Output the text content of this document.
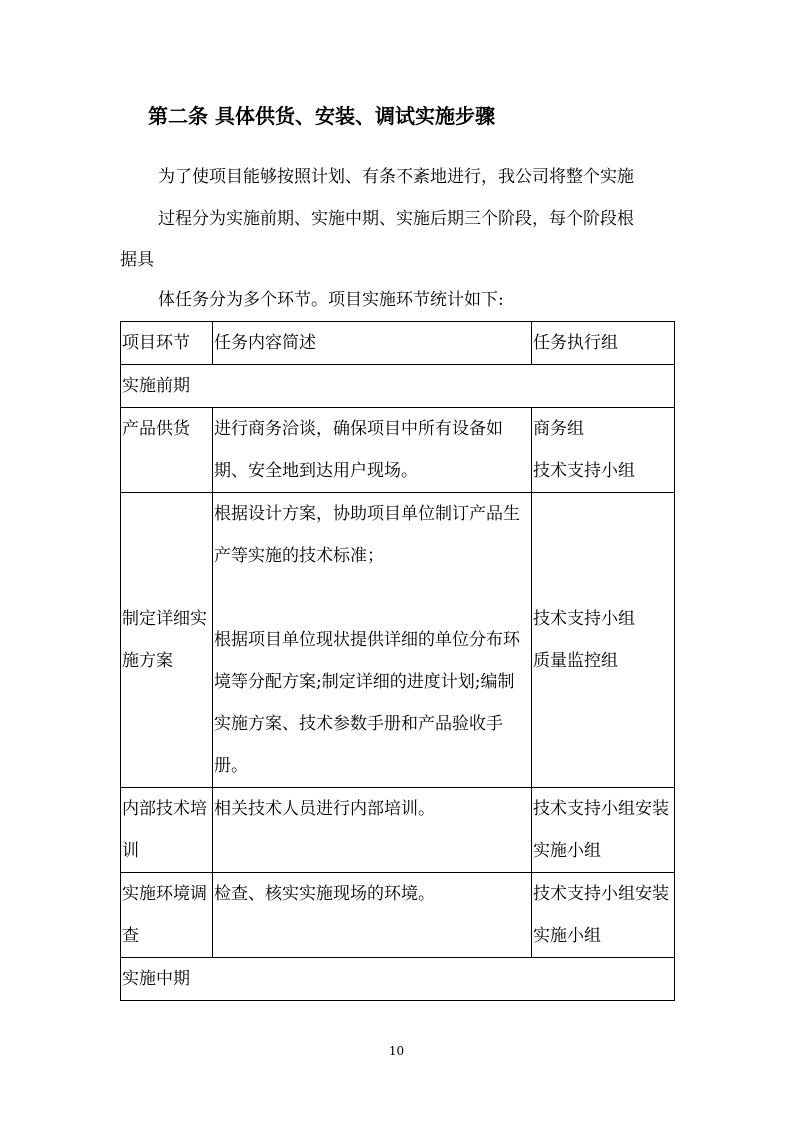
第二条 具体供货、安装、调试实施步骤
为了使项目能够按照计划、有条不紊地进行，我公司将整个实施
过程分为实施前期、实施中期、实施后期三个阶段，每个阶段根
据具
体任务分为多个环节。项目实施环节统计如下:
项目环节	任务内容简述	任务执行组

实施前期		

产品供货	进行商务洽谈，确保项目中所有设备如期、安全地到达用户现场。	商务组
技术支持小组

制定详细实施方案	根据设计方案，协助项目单位制订产品生产等实施的技术标准；
根据项目单位现状提供详细的单位分布环境等分配方案;制定详细的进度计划;编制实施方案、技术参数手册和产品验收手册。	技术支持小组
质量监控组

内部技术培训	相关技术人员进行内部培训。	技术支持小组安装实施小组

实施环境调查	检查、核实实施现场的环境。	技术支持小组安装实施小组

实施中期		
10
